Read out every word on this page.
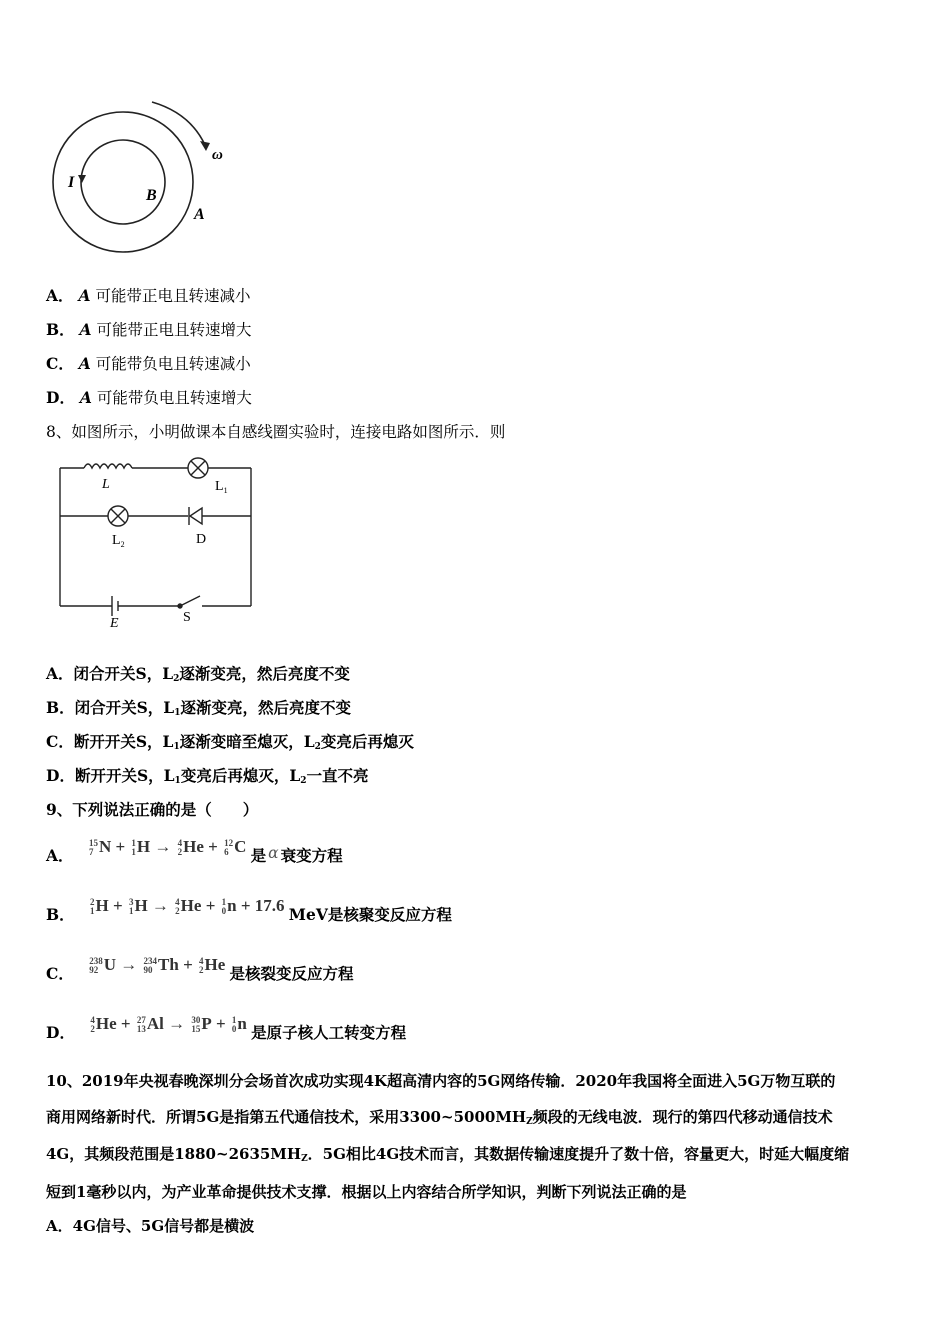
ω
I
B
A
A． A 可能带正电且转速减小
B． A 可能带正电且转速增大
C． A 可能带负电且转速减小
D． A 可能带负电且转速增大
8、如图所示，小明做课本自感线圈实验时，连接电路如图所示．则
L	$L_1$
$L_2$	D
E	S
A．闭合开关S，$L_2$逐渐变亮，然后亮度不变
B．闭合开关S，$L_1$逐渐变亮，然后亮度不变
C．断开开关S，$L_1$逐渐变暗至熄灭，$L_2$变亮后再熄灭
D．断开开关S，$L_1$变亮后再熄灭，$L_2$一直不亮
9、下列说法正确的是（　　）
A．
15
7 N + 1
1 H → 4
2 He + 12
6 C 是 α 衰变方程
B．
2
1 H + 3
1 H → 4
2 He + 1
0 n + 17.6 MeV是核聚变反应方程
C．
238
92 U → 234
90 Th + 4
2 He 是核裂变反应方程
D．
4
2 He + 27
13 Al → 30
15 P + 1
0 n 是原子核人工转变方程
10、2019年央视春晚深圳分会场首次成功实现4K超高清内容的5G网络传输．2020年我国将全面进入5G万物互联的
商用网络新时代．所谓5G是指第五代通信技术，采用$3300\sim 5000MH_Z$频段的无线电波．现行的第四代移动通信技术
4G，其频段范围是$1880\sim 2635MH_Z$．5G相比4G技术而言，其数据传输速度提升了数十倍，容量更大，时延大幅度缩
短到1毫秒以内，为产业革命提供技术支撑．根据以上内容结合所学知识，判断下列说法正确的是
A．4G信号、5G信号都是横波
